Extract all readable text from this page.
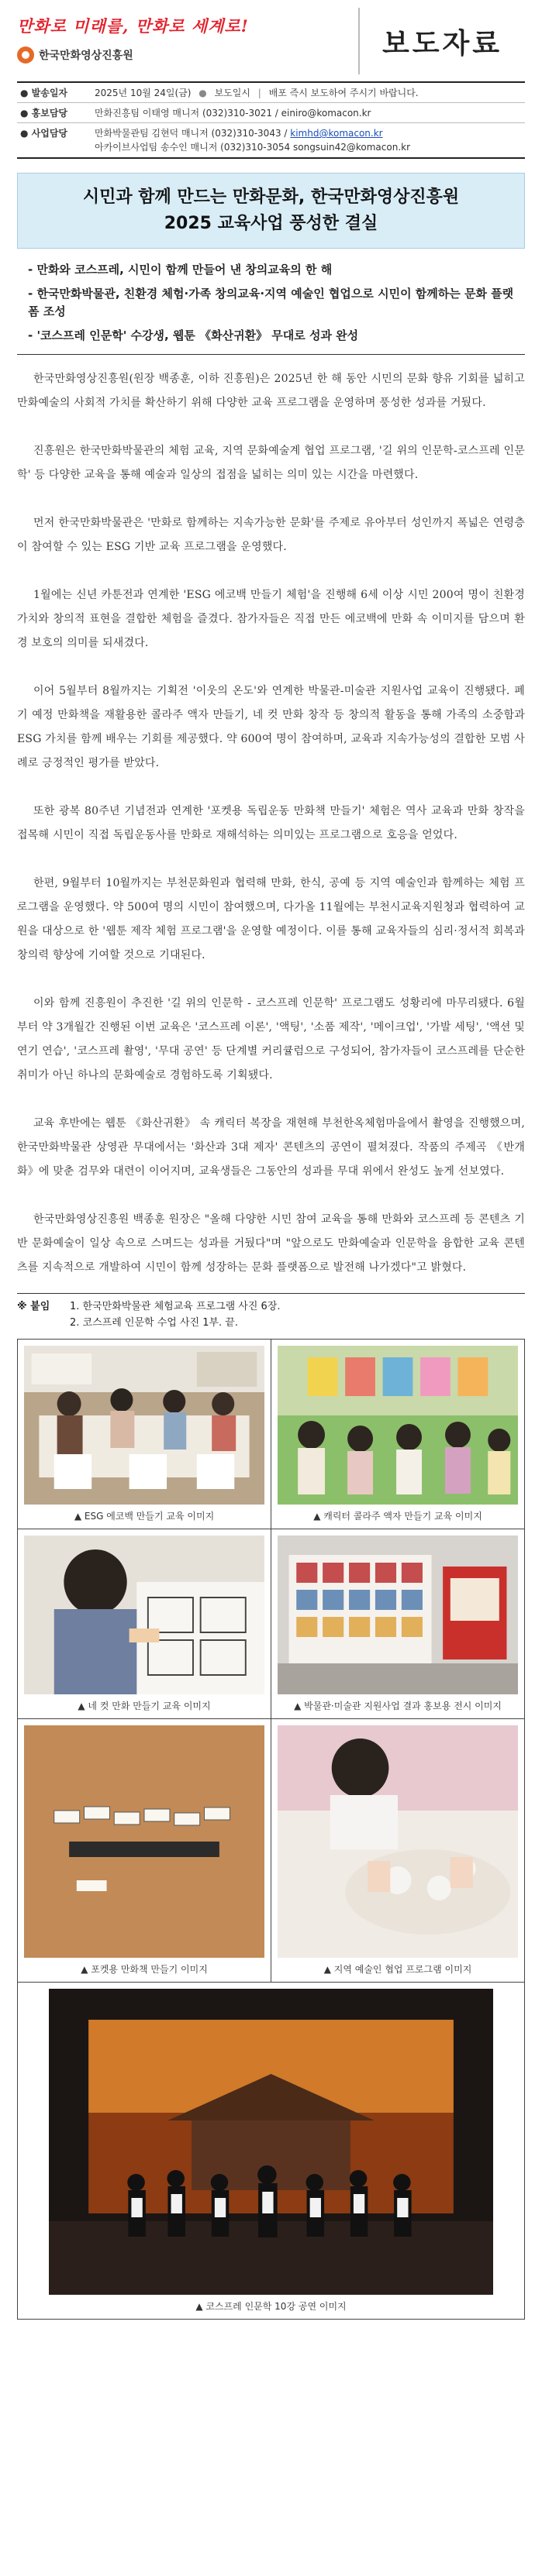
만화로 미래를, 만화로 세계로!
한국만화영상진흥원	보도자료
● 발송일자	2025년 10월 24일(금) ● 보도일시 | 배포 즉시 보도하여 주시기 바랍니다.
● 홍보담당	만화진흥팀 이태영 매니저 (032)310-3021 / einiro@komacon.kr
● 사업담당	만화박물관팀 김현덕 매니저 (032)310-3043 / kimhd@komacon.kr
아카이브사업팀 송수인 매니저 (032)310-3054 songsuin42@komacon.kr
시민과 함께 만드는 만화문화, 한국만화영상진흥원
2025 교육사업 풍성한 결실
- 만화와 코스프레, 시민이 함께 만들어 낸 창의교육의 한 해
- 한국만화박물관, 친환경 체험·가족 창의교육·지역 예술인 협업으로 시민이 함께하는 문화 플랫폼 조성
- '코스프레 인문학' 수강생, 웹툰 《화산귀환》 무대로 성과 완성

한국만화영상진흥원(원장 백종훈, 이하 진흥원)은 2025년 한 해 동안 시민의 문화 향유 기회를 넓히고 만화예술의 사회적 가치를 확산하기 위해 다양한 교육 프로그램을 운영하며 풍성한 성과를 거뒀다.

진흥원은 한국만화박물관의 체험 교육, 지역 문화예술계 협업 프로그램, '길 위의 인문학-코스프레 인문학' 등 다양한 교육을 통해 예술과 일상의 접점을 넓히는 의미 있는 시간을 마련했다.

먼저 한국만화박물관은 '만화로 함께하는 지속가능한 문화'를 주제로 유아부터 성인까지 폭넓은 연령층이 참여할 수 있는 ESG 기반 교육 프로그램을 운영했다.

1월에는 신년 카툰전과 연계한 'ESG 에코백 만들기 체험'을 진행해 6세 이상 시민 200여 명이 친환경 가치와 창의적 표현을 결합한 체험을 즐겼다. 참가자들은 직접 만든 에코백에 만화 속 이미지를 담으며 환경 보호의 의미를 되새겼다.

이어 5월부터 8월까지는 기획전 '이웃의 온도'와 연계한 박물관-미술관 지원사업 교육이 진행됐다. 폐기 예정 만화책을 재활용한 콜라주 액자 만들기, 네 컷 만화 창작 등 창의적 활동을 통해 가족의 소중함과 ESG 가치를 함께 배우는 기회를 제공했다. 약 600여 명이 참여하며, 교육과 지속가능성의 결합한 모범 사례로 긍정적인 평가를 받았다.

또한 광복 80주년 기념전과 연계한 '포켓용 독립운동 만화책 만들기' 체험은 역사 교육과 만화 창작을 접목해 시민이 직접 독립운동사를 만화로 재해석하는 의미있는 프로그램으로 호응을 얻었다.

한편, 9월부터 10월까지는 부천문화원과 협력해 만화, 한식, 공예 등 지역 예술인과 함께하는 체험 프로그램을 운영했다. 약 500여 명의 시민이 참여했으며, 다가올 11월에는 부천시교육지원청과 협력하여 교원을 대상으로 한 '웹툰 제작 체험 프로그램'을 운영할 예정이다. 이를 통해 교육자들의 심리·정서적 회복과 창의력 향상에 기여할 것으로 기대된다.

이와 함께 진흥원이 추진한 '길 위의 인문학 - 코스프레 인문학' 프로그램도 성황리에 마무리됐다. 6월부터 약 3개월간 진행된 이번 교육은 '코스프레 이론', '액팅', '소품 제작', '메이크업', '가발 세팅', '액션 및 연기 연습', '코스프레 촬영', '무대 공연' 등 단계별 커리큘럼으로 구성되어, 참가자들이 코스프레를 단순한 취미가 아닌 하나의 문화예술로 경험하도록 기획됐다.

교육 후반에는 웹툰 《화산귀환》 속 캐릭터 복장을 재현해 부천한옥체험마을에서 촬영을 진행했으며, 한국만화박물관 상영관 무대에서는 '화산과 3대 제자' 콘텐츠의 공연이 펼쳐졌다. 작품의 주제곡 《반개화》에 맞춘 검무와 대련이 이어지며, 교육생들은 그동안의 성과를 무대 위에서 완성도 높게 선보였다.

한국만화영상진흥원 백종훈 원장은 "올해 다양한 시민 참여 교육을 통해 만화와 코스프레 등 콘텐츠 기반 문화예술이 일상 속으로 스며드는 성과를 거뒀다"며 "앞으로도 만화예술과 인문학을 융합한 교육 콘텐츠를 지속적으로 개발하여 시민이 함께 성장하는 문화 플랫폼으로 발전해 나가겠다"고 밝혔다.

※ 붙임	1. 한국만화박물관 체험교육 프로그램 사진 6장.
2. 코스프레 인문학 수업 사진 1부. 끝.
▲ ESG 에코백 만들기 교육 이미지	▲ 캐릭터 콜라주 액자 만들기 교육 이미지
▲ 네 컷 만화 만들기 교육 이미지	▲ 박물관·미술관 지원사업 결과 홍보용 전시 이미지
▲ 포켓용 만화책 만들기 이미지	▲ 지역 예술인 협업 프로그램 이미지
▲ 코스프레 인문학 10강 공연 이미지
